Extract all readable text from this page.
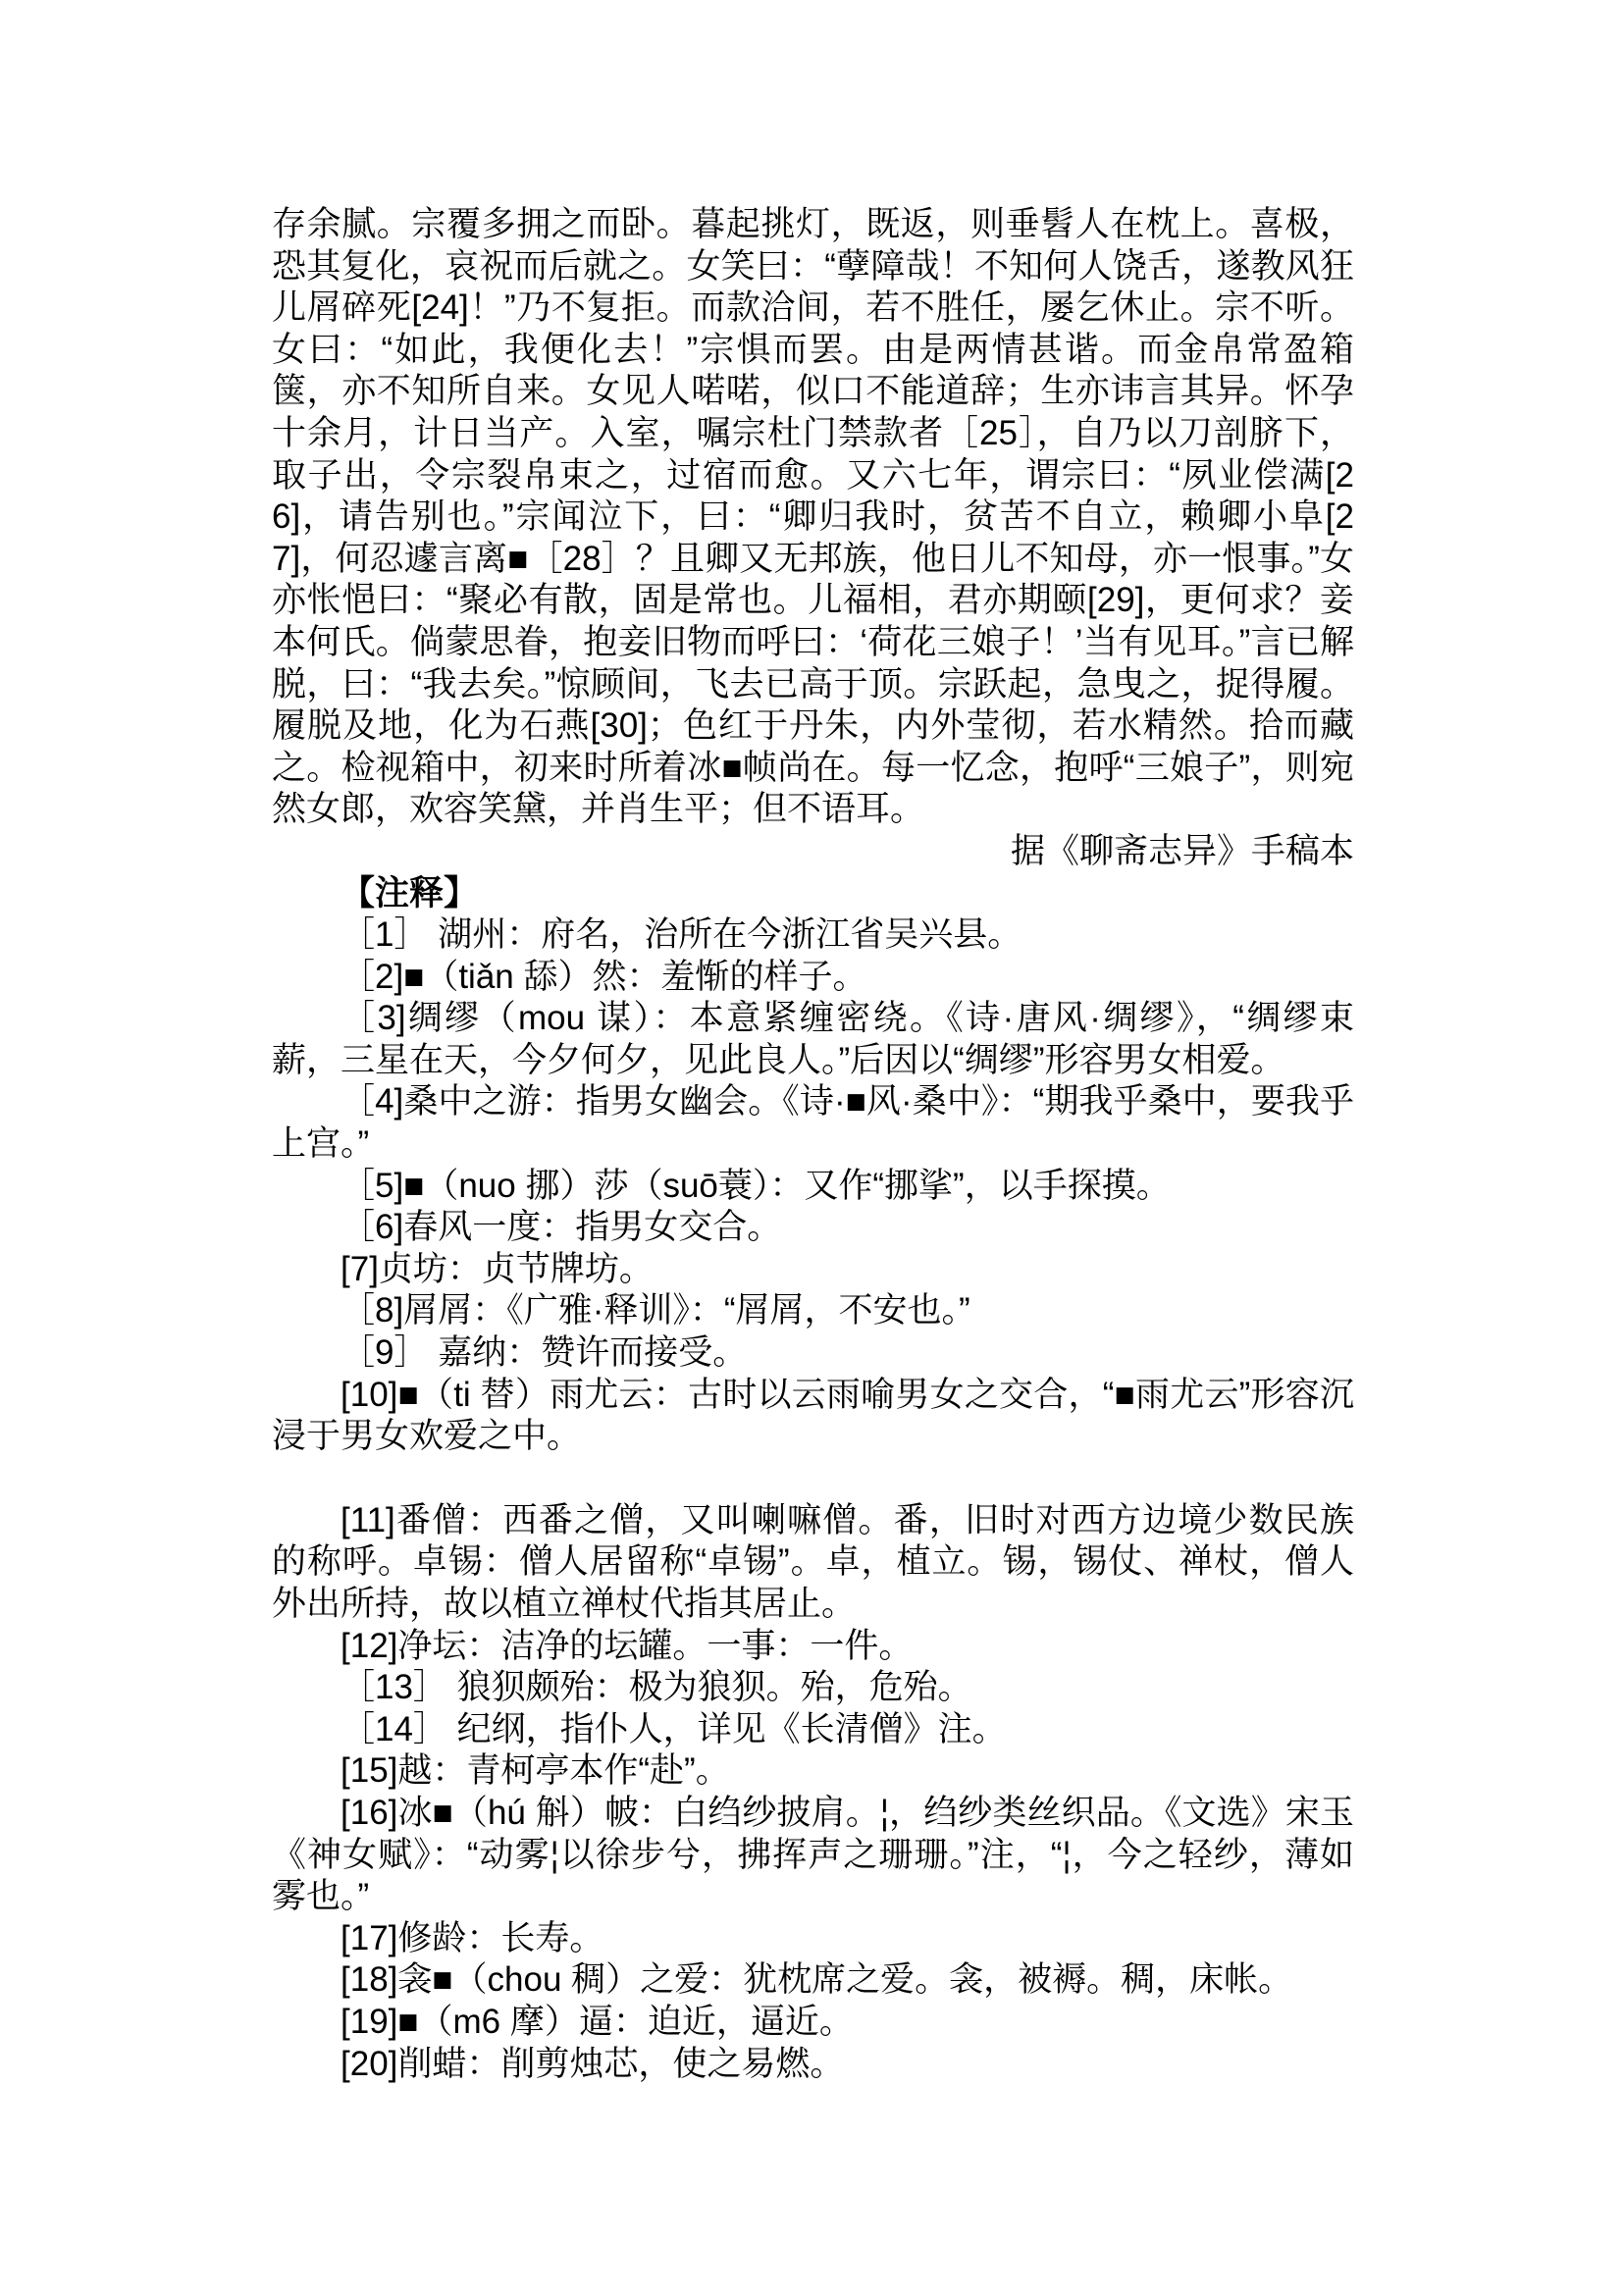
存余腻。宗覆多拥之而卧。暮起挑灯，既返，则垂髫人在枕上。喜极，恐其复化，哀祝而后就之。女笑曰：“孽障哉！不知何人饶舌，遂教风狂儿屑碎死[24]！”乃不复拒。而款洽间，若不胜任，屡乞休止。宗不听。女曰：“如此，我便化去！”宗惧而罢。由是两情甚谐。而金帛常盈箱箧，亦不知所自来。女见人喏喏，似口不能道辞；生亦讳言其异。怀孕十余月，计日当产。入室，嘱宗杜门禁款者［25］，自乃以刀剖脐下，取子出，令宗裂帛束之，过宿而愈。又六七年，谓宗曰：“夙业偿满[26]，请告别也。”宗闻泣下，曰：“卿归我时，贫苦不自立，赖卿小阜[27]，何忍遽言离■［28］？且卿又无邦族，他日儿不知母，亦一恨事。”女亦怅悒曰：“聚必有散，固是常也。儿福相，君亦期颐[29]，更何求？妾本何氏。倘蒙思眷，抱妾旧物而呼曰：‘荷花三娘子！’当有见耳。”言已解脱，曰：“我去矣。”惊顾间，飞去已高于顶。宗跃起，急曳之，捉得履。履脱及地，化为石燕[30]；色红于丹朱，内外莹彻，若水精然。拾而藏之。检视箱中，初来时所着冰■帧尚在。每一忆念，抱呼“三娘子”，则宛然女郎，欢容笑黛，并肖生平；但不语耳。

据《聊斋志异》手稿本

【注释】

［1］ 湖州：府名，治所在今浙江省吴兴县。

［2]■（tiǎn 舔）然：羞惭的样子。

［3]绸缪（mou 谋）：本意紧缠密绕。《诗·唐风·绸缪》，“绸缪束薪，三星在天，今夕何夕，见此良人。”后因以“绸缪”形容男女相爱。

［4]桑中之游：指男女幽会。《诗·■风·桑中》：“期我乎桑中，要我乎上宫。”

［5]■（nuo 挪）莎（suō蓑）：又作“挪挲”，以手探摸。

［6]春风一度：指男女交合。

[7]贞坊：贞节牌坊。

［8]屑屑：《广雅·释训》：“屑屑，不安也。”

［9］ 嘉纳：赞许而接受。

[10]■（ti 替）雨尤云：古时以云雨喻男女之交合，“■雨尤云”形容沉浸于男女欢爱之中。

[11]番僧：西番之僧，又叫喇嘛僧。番，旧时对西方边境少数民族的称呼。卓锡：僧人居留称“卓锡”。卓，植立。锡，锡仗、禅杖，僧人外出所持，故以植立禅杖代指其居止。

[12]净坛：洁净的坛罐。一事：一件。

［13］ 狼狈颇殆：极为狼狈。殆，危殆。

［14］ 纪纲，指仆人，详见《长清僧》注。

[15]越：青柯亭本作“赴”。

[16]冰■（hú 斛）帔：白绉纱披肩。¦，绉纱类丝织品。《文选》宋玉《神女赋》：“动雾¦以徐步兮，拂挥声之珊珊。”注，“¦，今之轻纱，薄如雾也。”

[17]修龄：长寿。

[18]衾■（chou 稠）之爱：犹枕席之爱。衾，被褥。稠，床帐。

[19]■（m6 摩）逼：迫近，逼近。

[20]削蜡：削剪烛芯，使之易燃。
